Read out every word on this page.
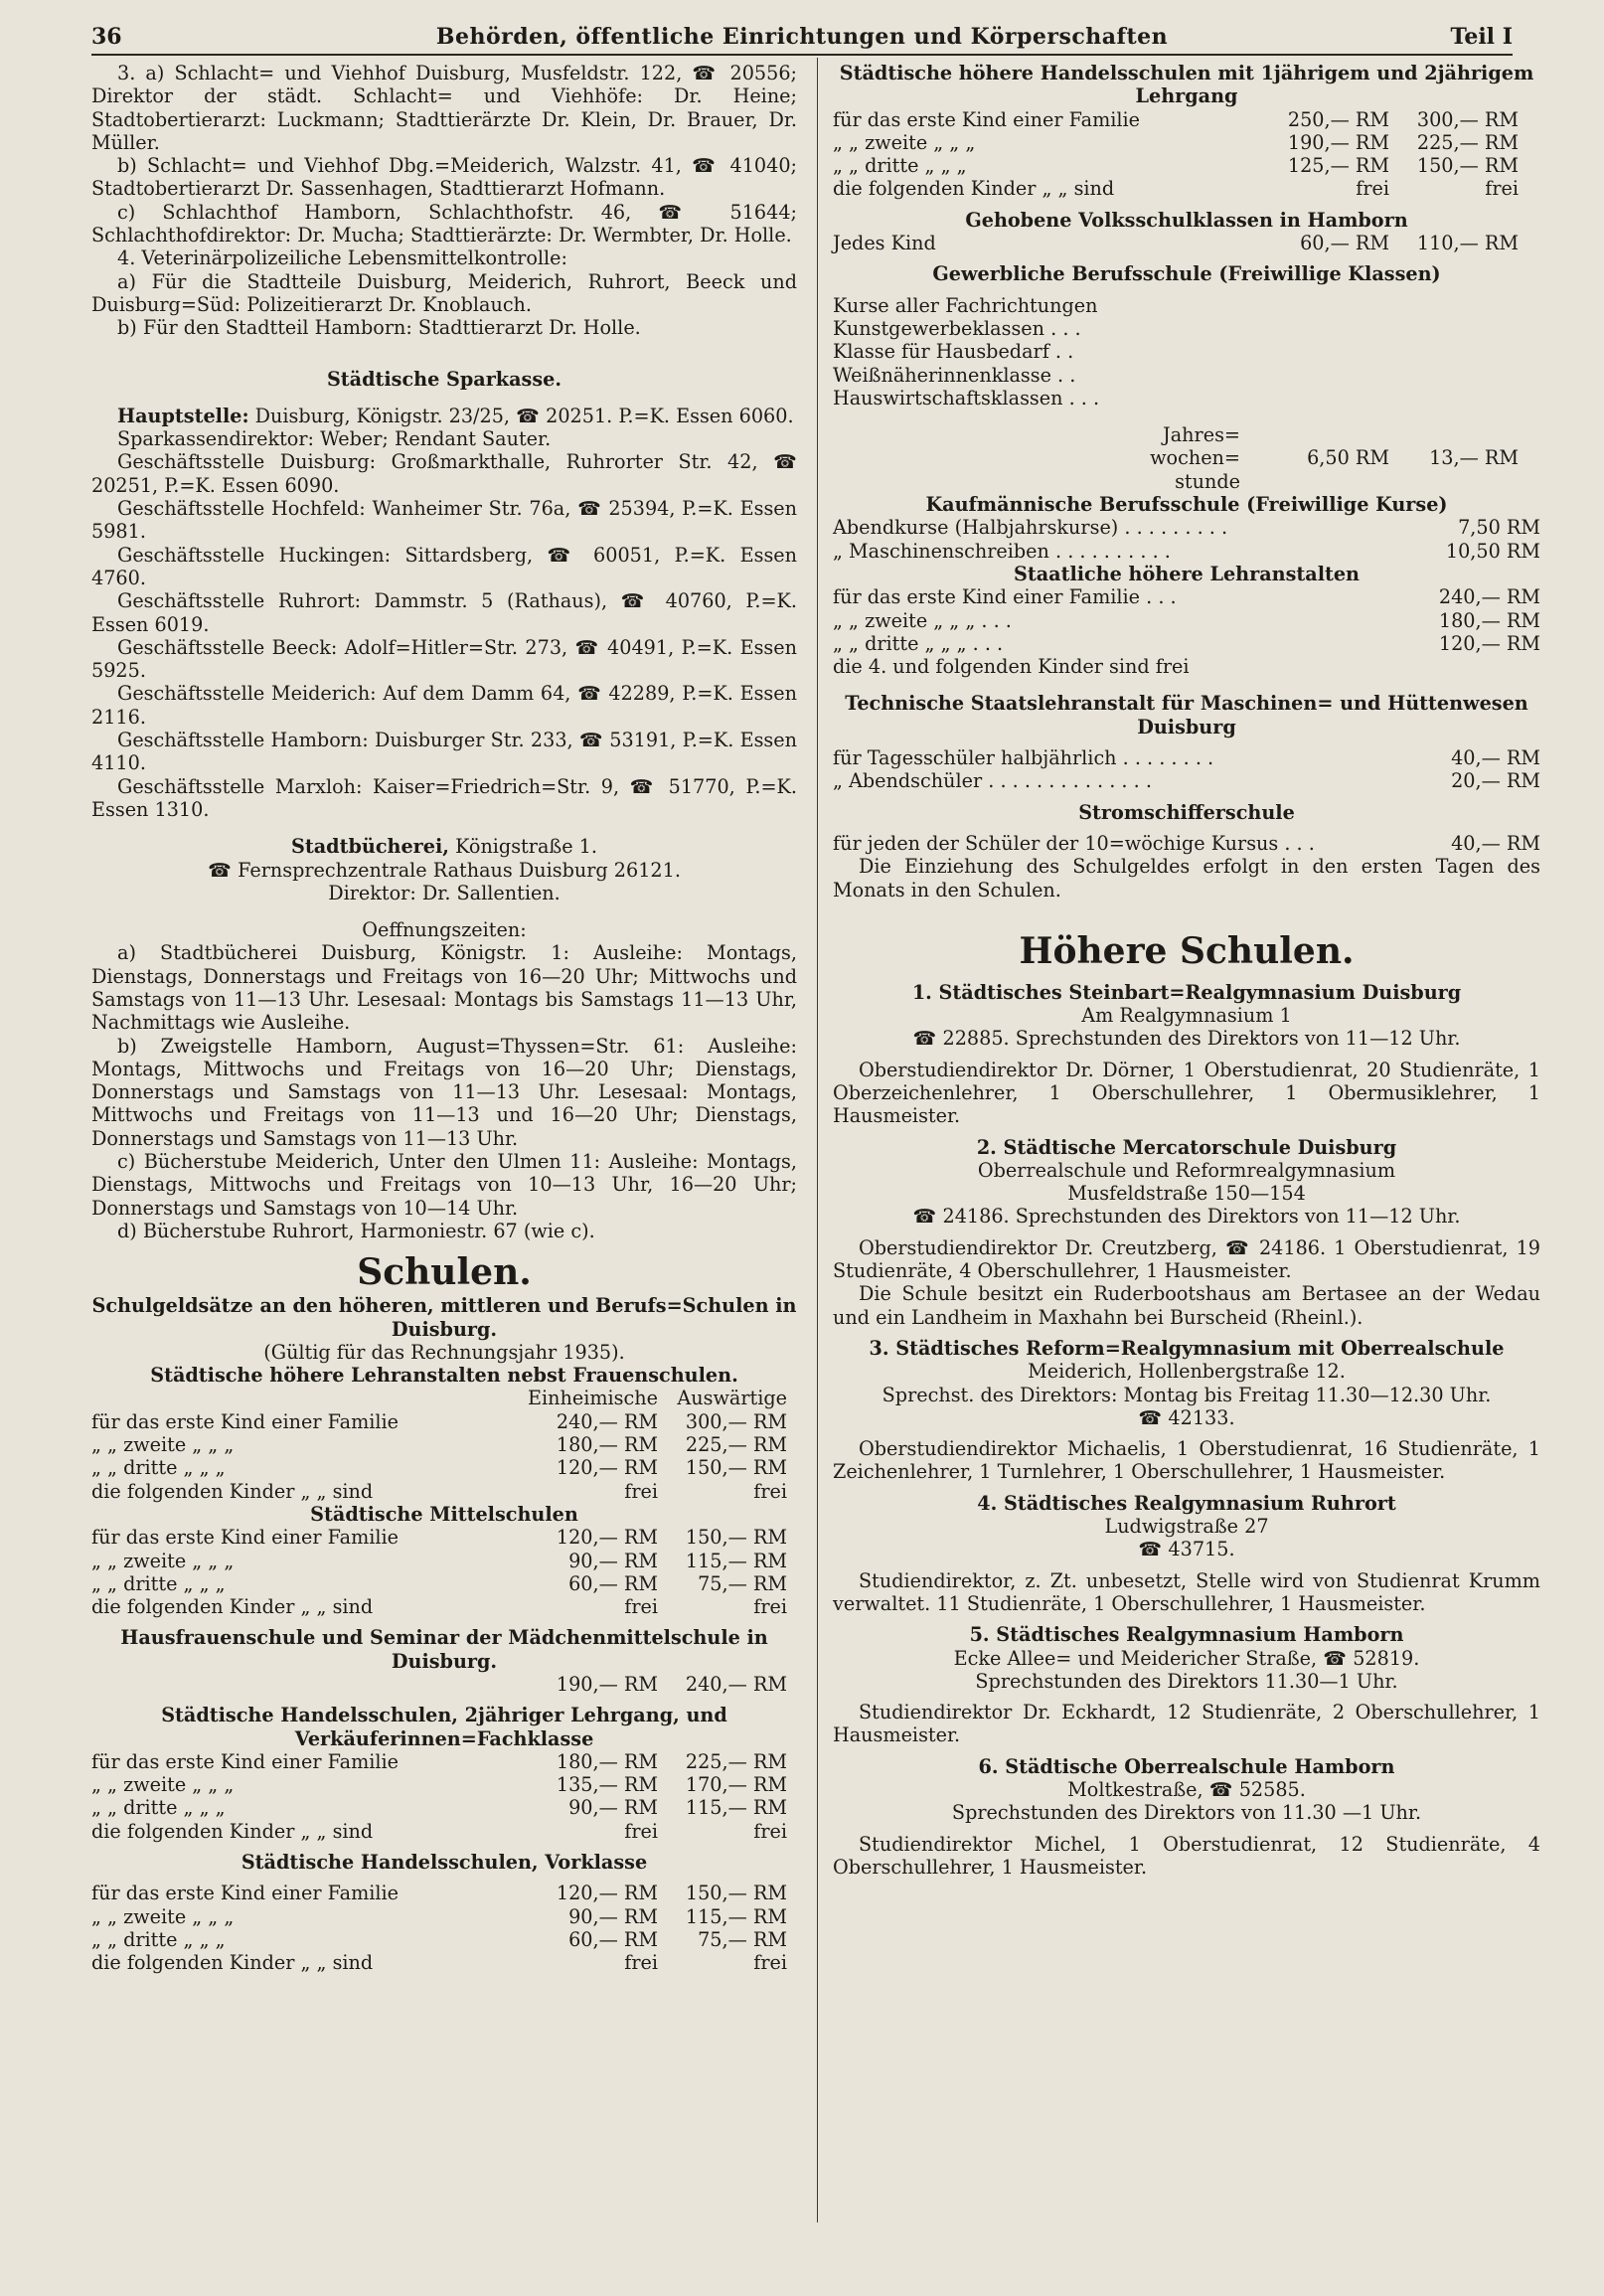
36	Behörden, öffentliche Einrichtungen und Körperschaften	Teil I

3. a) Schlacht= und Viehhof Duisburg, Musfeldstr. 122, ☎ 20556; Direktor der städt. Schlacht= und Viehhöfe: Dr. Heine; Stadtobertierarzt: Luckmann; Stadttierärzte Dr. Klein, Dr. Brauer, Dr. Müller.

b) Schlacht= und Viehhof Dbg.=Meiderich, Walzstr. 41, ☎ 41040; Stadtobertierarzt Dr. Sassenhagen, Stadttierarzt Hofmann.

c) Schlachthof Hamborn, Schlachthofstr. 46, ☎ 51644; Schlachthofdirektor: Dr. Mucha; Stadttierärzte: Dr. Wermbter, Dr. Holle.

4. Veterinärpolizeiliche Lebensmittelkontrolle:

a) Für die Stadtteile Duisburg, Meiderich, Ruhrort, Beeck und Duisburg=Süd: Polizeitierarzt Dr. Knoblauch.

b) Für den Stadtteil Hamborn: Stadttierarzt Dr. Holle.

Städtische Sparkasse.

Hauptstelle: Duisburg, Königstr. 23/25, ☎ 20251. P.=K. Essen 6060.

Sparkassendirektor: Weber; Rendant Sauter.

Geschäftsstelle Duisburg: Großmarkthalle, Ruhrorter Str. 42, ☎ 20251, P.=K. Essen 6090.

Geschäftsstelle Hochfeld: Wanheimer Str. 76a, ☎ 25394, P.=K. Essen 5981.

Geschäftsstelle Huckingen: Sittardsberg, ☎ 60051, P.=K. Essen 4760.

Geschäftsstelle Ruhrort: Dammstr. 5 (Rathaus), ☎ 40760, P.=K. Essen 6019.

Geschäftsstelle Beeck: Adolf=Hitler=Str. 273, ☎ 40491, P.=K. Essen 5925.

Geschäftsstelle Meiderich: Auf dem Damm 64, ☎ 42289, P.=K. Essen 2116.

Geschäftsstelle Hamborn: Duisburger Str. 233, ☎ 53191, P.=K. Essen 4110.

Geschäftsstelle Marxloh: Kaiser=Friedrich=Str. 9, ☎ 51770, P.=K. Essen 1310.

Stadtbücherei, Königstraße 1.

☎ Fernsprechzentrale Rathaus Duisburg 26121.

Direktor: Dr. Sallentien.

Oeffnungszeiten:

a) Stadtbücherei Duisburg, Königstr. 1: Ausleihe: Montags, Dienstags, Donnerstags und Freitags von 16—20 Uhr; Mittwochs und Samstags von 11—13 Uhr. Lesesaal: Montags bis Samstags 11—13 Uhr, Nachmittags wie Ausleihe.

b) Zweigstelle Hamborn, August=Thyssen=Str. 61: Ausleihe: Montags, Mittwochs und Freitags von 16—20 Uhr; Dienstags, Donnerstags und Samstags von 11—13 Uhr. Lesesaal: Montags, Mittwochs und Freitags von 11—13 und 16—20 Uhr; Dienstags, Donnerstags und Samstags von 11—13 Uhr.

c) Bücherstube Meiderich, Unter den Ulmen 11: Ausleihe: Montags, Dienstags, Mittwochs und Freitags von 10—13 Uhr, 16—20 Uhr; Donnerstags und Samstags von 10—14 Uhr.

d) Bücherstube Ruhrort, Harmoniestr. 67 (wie c).

Schulen.

Schulgeldsätze an den höheren, mittleren und Berufs=Schulen in Duisburg.

(Gültig für das Rechnungsjahr 1935).

Städtische höhere Lehranstalten nebst Frauenschulen.

Einheimische	Auswärtige
für das erste Kind einer Familie	240,— RM	300,— RM
„ „ zweite „ „ „	180,— RM	225,— RM
„ „ dritte „ „ „	120,— RM	150,— RM
die folgenden Kinder „ „ sind	frei	frei

Städtische Mittelschulen

für das erste Kind einer Familie	120,— RM	150,— RM
„ „ zweite „ „ „	90,— RM	115,— RM
„ „ dritte „ „ „	60,— RM	75,— RM
die folgenden Kinder „ „ sind	frei	frei

Hausfrauenschule und Seminar der Mädchenmittelschule in Duisburg.

190,— RM	240,— RM

Städtische Handelsschulen, 2jähriger Lehrgang, und Verkäuferinnen=Fachklasse

für das erste Kind einer Familie	180,— RM	225,— RM
„ „ zweite „ „ „	135,— RM	170,— RM
„ „ dritte „ „ „	90,— RM	115,— RM
die folgenden Kinder „ „ sind	frei	frei

Städtische Handelsschulen, Vorklasse

für das erste Kind einer Familie	120,— RM	150,— RM
„ „ zweite „ „ „	90,— RM	115,— RM
„ „ dritte „ „ „	60,— RM	75,— RM
die folgenden Kinder „ „ sind	frei	frei

Städtische höhere Handelsschulen mit 1jährigem und 2jährigem Lehrgang

für das erste Kind einer Familie	250,— RM	300,— RM
„ „ zweite „ „ „	190,— RM	225,— RM
„ „ dritte „ „ „	125,— RM	150,— RM
die folgenden Kinder „ „ sind	frei	frei

Gehobene Volksschulklassen in Hamborn

Jedes Kind	60,— RM	110,— RM

Gewerbliche Berufsschule (Freiwillige Klassen)

Kurse aller Fachrichtungen

Kunstgewerbeklassen . . .

Klasse für Hausbedarf . .

Weißnäherinnenklasse . .

Hauswirtschaftsklassen . . .

Jahres=
wochen=	6,50 RM	13,— RM
stunde

Kaufmännische Berufsschule (Freiwillige Kurse)

Abendkurse (Halbjahrskurse) . . . . . . . . .	7,50 RM
„ Maschinenschreiben . . . . . . . . . .	10,50 RM

Staatliche höhere Lehranstalten

für das erste Kind einer Familie . . .	240,— RM
„ „ zweite „ „ „ . . .	180,— RM
„ „ dritte „ „ „ . . .	120,— RM
die 4. und folgenden Kinder sind frei

Technische Staatslehranstalt für Maschinen= und Hüttenwesen Duisburg

für Tagesschüler halbjährlich . . . . . . . .	40,— RM
„ Abendschüler . . . . . . . . . . . . . .	20,— RM

Stromschifferschule

für jeden der Schüler der 10=wöchige Kursus . . .	40,— RM

Die Einziehung des Schulgeldes erfolgt in den ersten Tagen des Monats in den Schulen.

Höhere Schulen.

1. Städtisches Steinbart=Realgymnasium Duisburg

Am Realgymnasium 1

☎ 22885. Sprechstunden des Direktors von 11—12 Uhr.

Oberstudiendirektor Dr. Dörner, 1 Oberstudienrat, 20 Studienräte, 1 Oberzeichenlehrer, 1 Oberschullehrer, 1 Obermusiklehrer, 1 Hausmeister.

2. Städtische Mercatorschule Duisburg

Oberrealschule und Reformrealgymnasium

Musfeldstraße 150—154

☎ 24186. Sprechstunden des Direktors von 11—12 Uhr.

Oberstudiendirektor Dr. Creutzberg, ☎ 24186. 1 Oberstudienrat, 19 Studienräte, 4 Oberschullehrer, 1 Hausmeister.

Die Schule besitzt ein Ruderbootshaus am Bertasee an der Wedau und ein Landheim in Maxhahn bei Burscheid (Rheinl.).

3. Städtisches Reform=Realgymnasium mit Oberrealschule

Meiderich, Hollenbergstraße 12.

Sprechst. des Direktors: Montag bis Freitag 11.30—12.30 Uhr.

☎ 42133.

Oberstudiendirektor Michaelis, 1 Oberstudienrat, 16 Studienräte, 1 Zeichenlehrer, 1 Turnlehrer, 1 Oberschullehrer, 1 Hausmeister.

4. Städtisches Realgymnasium Ruhrort

Ludwigstraße 27

☎ 43715.

Studiendirektor, z. Zt. unbesetzt, Stelle wird von Studienrat Krumm verwaltet. 11 Studienräte, 1 Oberschullehrer, 1 Hausmeister.

5. Städtisches Realgymnasium Hamborn

Ecke Allee= und Meidericher Straße, ☎ 52819.

Sprechstunden des Direktors 11.30—1 Uhr.

Studiendirektor Dr. Eckhardt, 12 Studienräte, 2 Oberschullehrer, 1 Hausmeister.

6. Städtische Oberrealschule Hamborn

Moltkestraße, ☎ 52585.

Sprechstunden des Direktors von 11.30 —1 Uhr.

Studiendirektor Michel, 1 Oberstudienrat, 12 Studienräte, 4 Oberschullehrer, 1 Hausmeister.
